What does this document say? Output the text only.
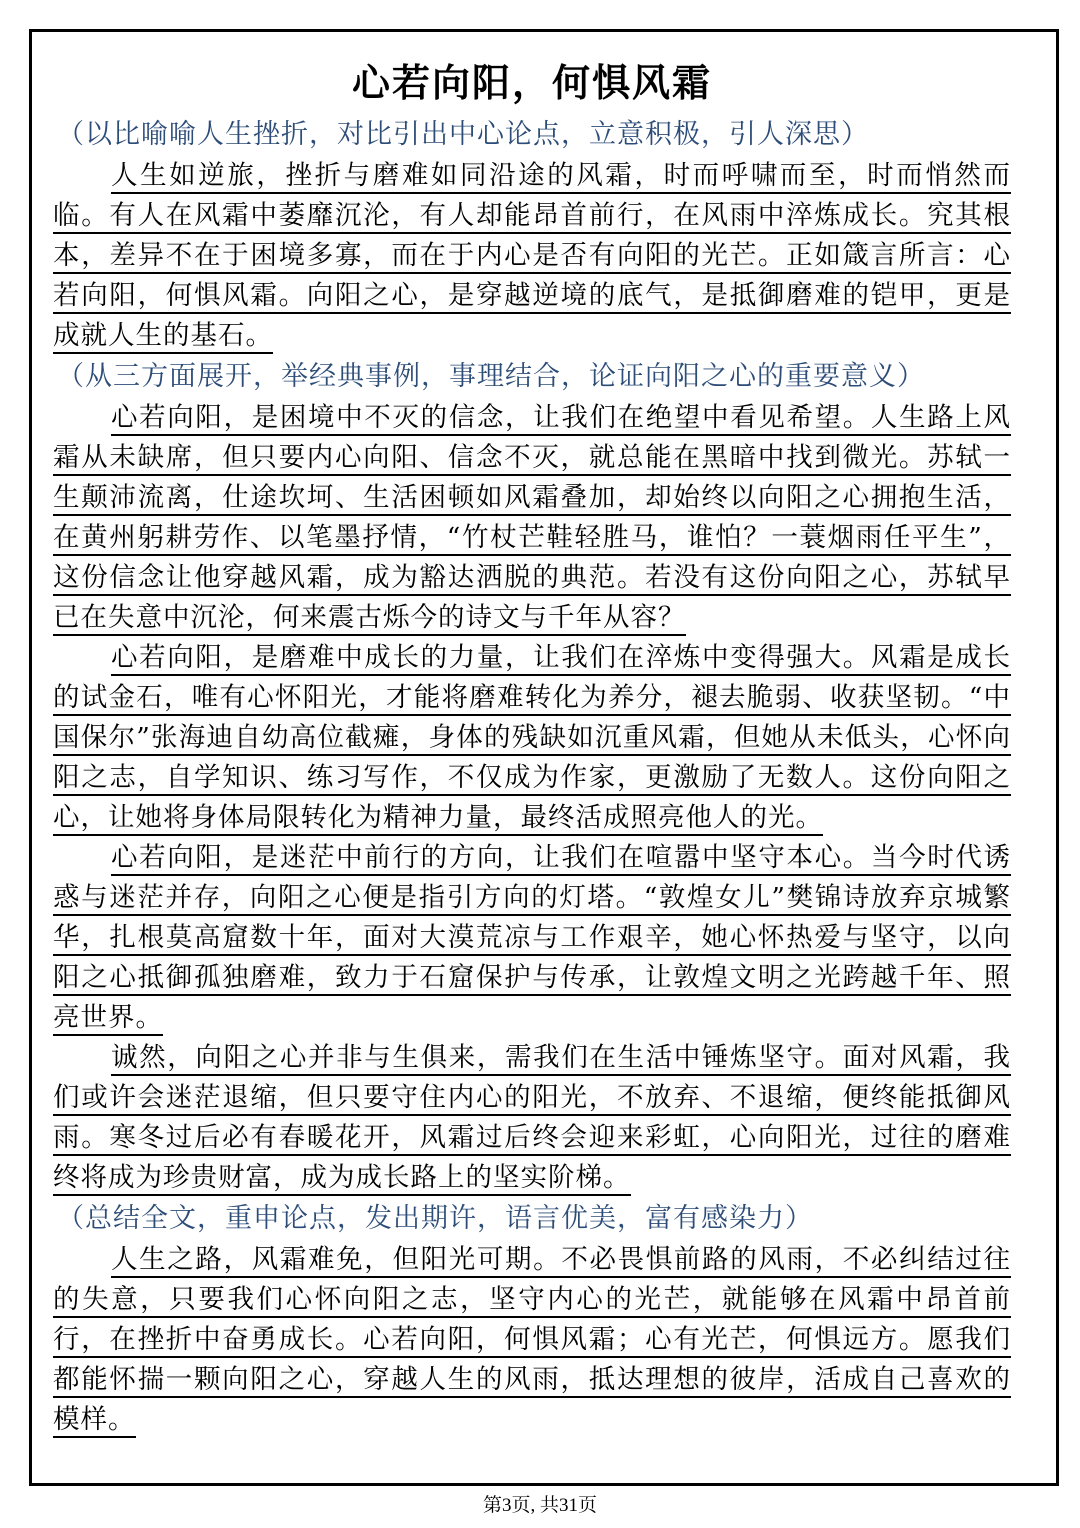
心若向阳，何惧风霜
（以比喻喻人生挫折，对比引出中心论点，立意积极，引人深思）

人生如逆旅，挫折与磨难如同沿途的风霜，时而呼啸而至，时而悄然而临。有人在风霜中萎靡沉沦，有人却能昂首前行，在风雨中淬炼成长。究其根本，差异不在于困境多寡，而在于内心是否有向阳的光芒。正如箴言所言：心若向阳，何惧风霜。向阳之心，是穿越逆境的底气，是抵御磨难的铠甲，更是成就人生的基石。

（从三方面展开，举经典事例，事理结合，论证向阳之心的重要意义）

心若向阳，是困境中不灭的信念，让我们在绝望中看见希望。人生路上风霜从未缺席，但只要内心向阳、信念不灭，就总能在黑暗中找到微光。苏轼一生颠沛流离，仕途坎坷、生活困顿如风霜叠加，却始终以向阳之心拥抱生活，在黄州躬耕劳作、以笔墨抒情，“竹杖芒鞋轻胜马，谁怕？一蓑烟雨任平生”，这份信念让他穿越风霜，成为豁达洒脱的典范。若没有这份向阳之心，苏轼早已在失意中沉沦，何来震古烁今的诗文与千年从容？

心若向阳，是磨难中成长的力量，让我们在淬炼中变得强大。风霜是成长的试金石，唯有心怀阳光，才能将磨难转化为养分，褪去脆弱、收获坚韧。“中国保尔”张海迪自幼高位截瘫，身体的残缺如沉重风霜，但她从未低头，心怀向阳之志，自学知识、练习写作，不仅成为作家，更激励了无数人。这份向阳之心，让她将身体局限转化为精神力量，最终活成照亮他人的光。

心若向阳，是迷茫中前行的方向，让我们在喧嚣中坚守本心。当今时代诱惑与迷茫并存，向阳之心便是指引方向的灯塔。“敦煌女儿”樊锦诗放弃京城繁华，扎根莫高窟数十年，面对大漠荒凉与工作艰辛，她心怀热爱与坚守，以向阳之心抵御孤独磨难，致力于石窟保护与传承，让敦煌文明之光跨越千年、照亮世界。

诚然，向阳之心并非与生俱来，需我们在生活中锤炼坚守。面对风霜，我们或许会迷茫退缩，但只要守住内心的阳光，不放弃、不退缩，便终能抵御风雨。寒冬过后必有春暖花开，风霜过后终会迎来彩虹，心向阳光，过往的磨难终将成为珍贵财富，成为成长路上的坚实阶梯。

（总结全文，重申论点，发出期许，语言优美，富有感染力）

人生之路，风霜难免，但阳光可期。不必畏惧前路的风雨，不必纠结过往的失意，只要我们心怀向阳之志，坚守内心的光芒，就能够在风霜中昂首前行，在挫折中奋勇成长。心若向阳，何惧风霜；心有光芒，何惧远方。愿我们都能怀揣一颗向阳之心，穿越人生的风雨，抵达理想的彼岸，活成自己喜欢的模样。

第3页, 共31页
